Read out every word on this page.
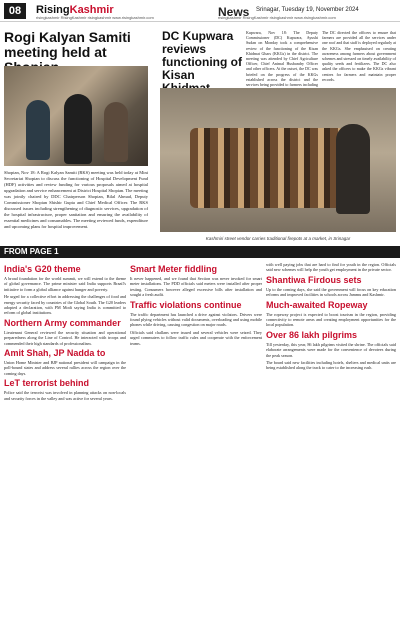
08	RisingKashmir
risingkashmir RisingKashmir risingkashmir www.risingkashmir.com	News Srinagar, Tuesday 19, November 2024
risingkashmir RisingKashmir risingkashmir www.risingkashmir.com
Rogi Kalyan Samiti meeting held at
Shopian, Nov 18: A Rogi Kalyan Samiti (RKS) meeting was held today at Mini Secretariat Shopian to discuss the functioning of Hospital Development Fund (HDF) activities and review funding for various proposals aimed at hospital upgradation and service enhancement at District Hospital Shopian. The meeting was jointly chaired by DDC Chairperson Shopian, Bilal Ahmad, Deputy Commissioner Shopian Shishir Gupta and Chief Medical Officer. The RKS discussed issues including strengthening of diagnostic services, upgradation of the hospital infrastructure, proper sanitation and ensuring the availability of essential medicines and consumables. The meeting reviewed funds, expenditure and upcoming plans for hospital improvement.
DC Kupwara reviews functioning of Kisan
Kupwara, Nov 18: The Deputy Commissioner (DC) Kupwara, Ayushi Sudan on Monday took a comprehensive review of the functioning of the Kisan Khidmat Ghars (KKGs) in the district. The meeting was attended by Chief Agriculture Officer, Chief Animal Husbandry Officer and other officers. At the outset, the DC was briefed on the progress of the KKGs established across the district and the services being provided to farmers including
The DC directed the officers to ensure that farmers are provided all the services under one roof and that staff is deployed regularly at the KKGs. She emphasised on creating awareness among farmers about government schemes and stressed on timely availability of quality seeds and fertilizers. The DC also asked the officers to make the KKGs vibrant centres for farmers and maintain proper records.
Kashmiri street vendor carries traditional firepots at a market, in Srinagar
FROM PAGE 1
India's G20 theme

A broad foundation for the world summit, we will extend to the theme of global governance. The prime minister said India supports Brazil's initiative to form a global alliance against hunger and poverty.

He urged for a collective effort in addressing the challenges of food and energy security faced by countries of the Global South. The G20 leaders adopted a declaration, with PM Modi saying India is committed to reform of global institutions.

Northern Army commander

Lieutenant General reviewed the security situation and operational preparedness along the Line of Control. He interacted with troops and commended their high standards of professionalism.

Amit Shah, JP Nadda to

Union Home Minister and BJP national president will campaign in the poll-bound states and address several rallies across the region over the coming days.

LeT terrorist behind

Police said the terrorist was involved in planning attacks on non-locals and security forces in the valley and was active for several years.

Smart Meter fiddling

It never happened, and we found that Section was never invoked for smart meter installations. The PDD officials said meters were installed after proper testing. Consumers however alleged excessive bills after installation and sought a fresh audit.

Traffic violations continue

The traffic department has launched a drive against violators. Drivers were found plying vehicles without valid documents, overloading and using mobile phones while driving, causing congestion on major roads.

Officials said challans were issued and several vehicles were seized. They urged commuters to follow traffic rules and cooperate with the enforcement teams.

with well paying jobs that are hard to find for youth in the region. Officials said new schemes will help the youth get employment in the private sector.

Shantiwa Firdous sets

Up to the coming days, she said the government will focus on key education reforms and improved facilities in schools across Jammu and Kashmir.

Much-awaited Ropeway

The ropeway project is expected to boost tourism in the region, providing connectivity to remote areas and creating employment opportunities for the local population.

Over 86 lakh pilgrims

Till yesterday, this year, 86 lakh pilgrims visited the shrine. The officials said elaborate arrangements were made for the convenience of devotees during the peak season.

The board said new facilities including hotels, shelters and medical units are being established along the track to cater to the increasing rush.
